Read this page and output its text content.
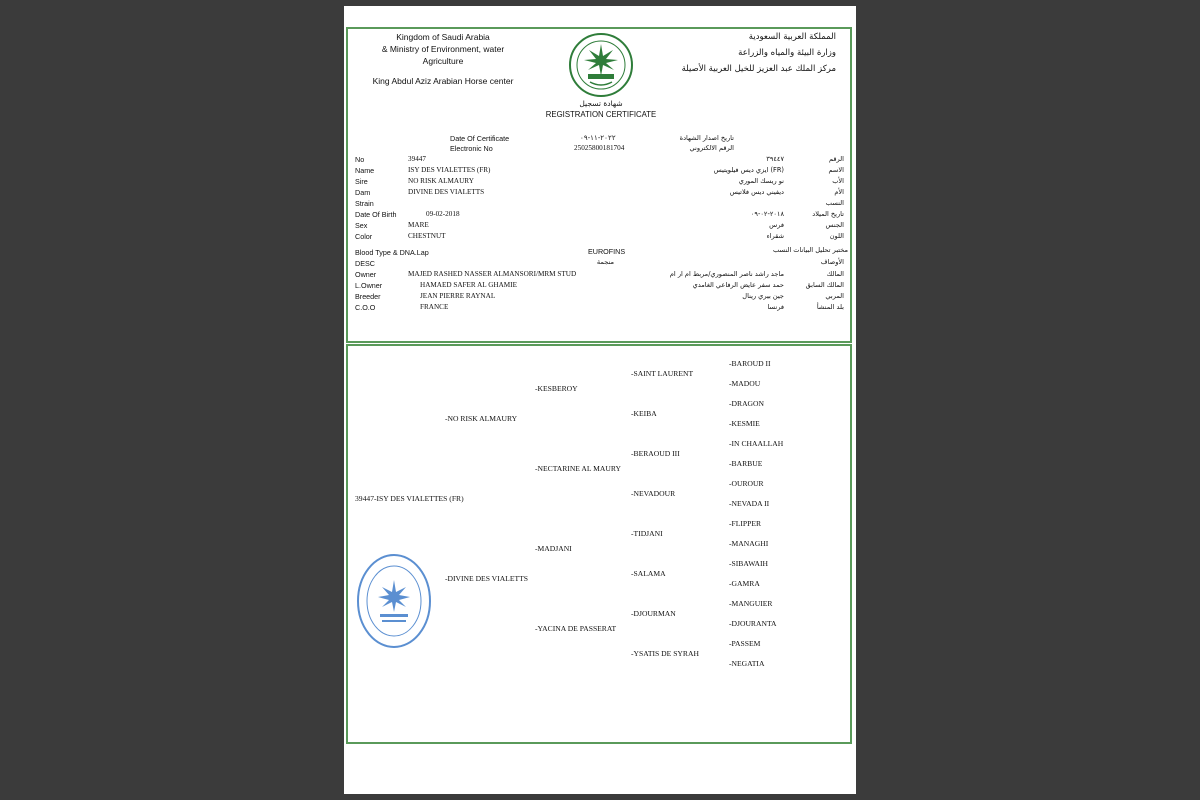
Kingdom of Saudi Arabia
& Ministry of Environment, water
Agriculture
King Abdul Aziz Arabian Horse center
المملكة العربية السعودية
وزارة البيئة والمياه والزراعة
مركز الملك عبد العزيز للخيل العربية الأصيلة
شهادة تسجيل
REGISTRATION CERTIFICATE
Date Of Certificate	٢٠٢٢-١١-٠٩	تاريخ اصدار الشهادة
Electronic No	25025800181704	الرقم الالكتروني
No	39447	٣٩٤٤٧	الرقم
Name	ISY DES VIALETTES (FR)	(FR) ايزي ديس فيلويتيس	الاسم
Sire	NO RISK ALMAURY	نو ريسك الموري	الأب
Dam	DIVINE DES VIALETTS	ديفيني ديس فلاتيس	الأم
Strain	النسب
Date Of Birth	09-02-2018	٢٠١٨-٠٢-٠٩	تاريخ الميلاد
Sex	MARE	فرس	الجنس
Color	CHESTNUT	شقراء	اللون
Blood Type & DNA.Lap	EUROFINS	مختبر تحليل البيانات النسب
DESC	منجمة	الأوصاف
Owner	MAJED RASHED NASSER ALMANSORI/MRM STUD	ماجد راشد ناصر المنصوري/مربط ام ار ام	المالك
L.Owner	HAMAED SAFER AL GHAMIE	حمد سفر عايض الرفاعي الغامدي	المالك السابق
Breeder	JEAN PIERRE RAYNAL	جين بيري رينال	المربي
C.O.O	FRANCE	فرنسا	بلد المنشأ
39447-ISY DES VIALETTES (FR)
-NO RISK ALMAURY
-DIVINE DES VIALETTS
-KESBEROY
-NECTARINE AL MAURY
-MADJANI
-YACINA DE PASSERAT
-SAINT LAURENT
-KEIBA
-BERAOUD III
-NEVADOUR
-TIDJANI
-SALAMA
-DJOURMAN
-YSATIS DE SYRAH
-BAROUD II
-MADOU
-DRAGON
-KESMIE
-IN CHAALLAH
-BARBUE
-OUROUR
-NEVADA II
-FLIPPER
-MANAGHI
-SIBAWAIH
-GAMRA
-MANGUIER
-DJOURANTA
-PASSEM
-NEGATIA
